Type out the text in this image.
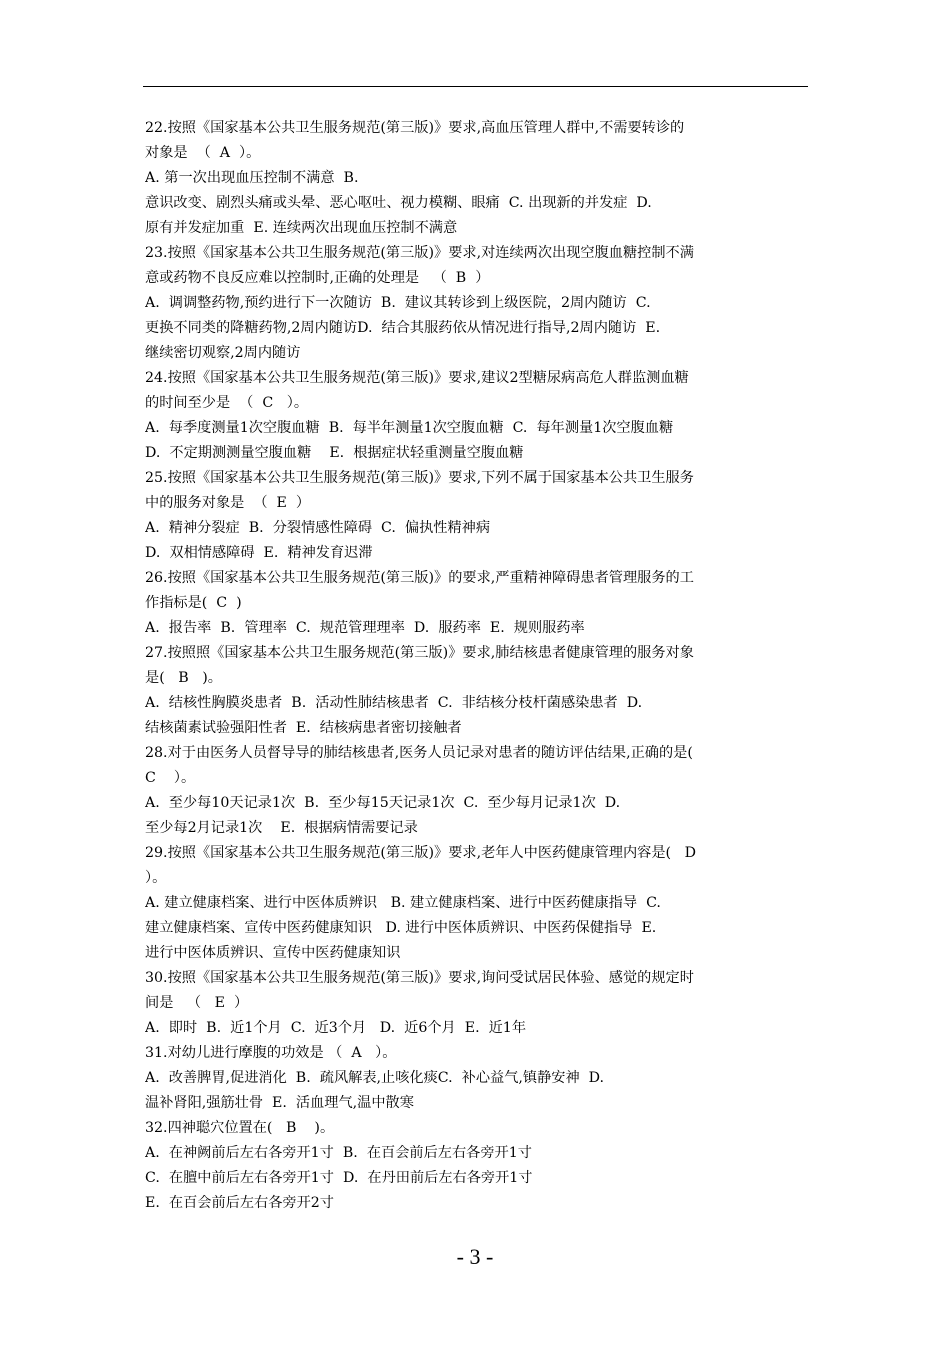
22.按照《国家基本公共卫生服务规范(第三版)》要求,高血压管理人群中,不需要转诊的
对象是  （  A  ）。
A. 第一次出现血压控制不满意  B.
意识改变、剧烈头痛或头晕、恶心呕吐、视力模糊、眼痛  C. 出现新的并发症  D.
原有并发症加重  E. 连续两次出现血压控制不满意
23.按照《国家基本公共卫生服务规范(第三版)》要求,对连续两次出现空腹血糖控制不满
意或药物不良反应难以控制时,正确的处理是   （  B  ）
A.  调调整药物,预约进行下一次随访  B.  建议其转诊到上级医院，2周内随访  C.
更换不同类的降糖药物,2周内随访D.  结合其服药依从情况进行指导,2周内随访  E.
继续密切观察,2周内随访
24.按照《国家基本公共卫生服务规范(第三版)》要求,建议2型糖尿病高危人群监测血糖
的时间至少是  （  C   ）。
A.  每季度测量1次空腹血糖  B.  每半年测量1次空腹血糖  C.  每年测量1次空腹血糖
D.  不定期测测量空腹血糖    E.  根据症状轻重测量空腹血糖
25.按照《国家基本公共卫生服务规范(第三版)》要求,下列不属于国家基本公共卫生服务
中的服务对象是  （  E  ）
A.  精神分裂症  B.  分裂情感性障碍  C.  偏执性精神病
D.  双相情感障碍  E.  精神发育迟滞
26.按照《国家基本公共卫生服务规范(第三版)》的要求,严重精神障碍患者管理服务的工
作指标是(  C  )
A.  报告率  B.  管理率  C.  规范管理理率  D.  服药率  E.  规则服药率
27.按照照《国家基本公共卫生服务规范(第三版)》要求,肺结核患者健康管理的服务对象
是(   B   )。
A.  结核性胸膜炎患者  B.  活动性肺结核患者  C.  非结核分枝杆菌感染患者  D.
结核菌素试验强阳性者  E.  结核病患者密切接触者
28.对于由医务人员督导导的肺结核患者,医务人员记录对患者的随访评估结果,正确的是(
C    ）。
A.  至少每10天记录1次  B.  至少每15天记录1次  C.  至少每月记录1次  D.
至少每2月记录1次    E.  根据病情需要记录
29.按照《国家基本公共卫生服务规范(第三版)》要求,老年人中医药健康管理内容是(   D
）。
A. 建立健康档案、进行中医体质辨识   B. 建立健康档案、进行中医药健康指导  C.
建立健康档案、宣传中医药健康知识   D. 进行中医体质辨识、中医药保健指导  E.
进行中医体质辨识、宣传中医药健康知识
30.按照《国家基本公共卫生服务规范(第三版)》要求,询问受试居民体验、感觉的规定时
间是   （   E  ）
A.  即时  B.  近1个月  C.  近3个月   D.  近6个月  E.  近1年
31.对幼儿进行摩腹的功效是 （  A   ）。
A.  改善脾胃,促进消化  B.  疏风解表,止咳化痰C.  补心益气,镇静安神  D.
温补肾阳,强筋壮骨  E.  活血理气,温中散寒
32.四神聪穴位置在(   B    )。
A.  在神阙前后左右各旁开1寸  B.  在百会前后左右各旁开1寸
C.  在膻中前后左右各旁开1寸  D.  在丹田前后左右各旁开1寸
E.  在百会前后左右各旁开2寸
- 3 -
